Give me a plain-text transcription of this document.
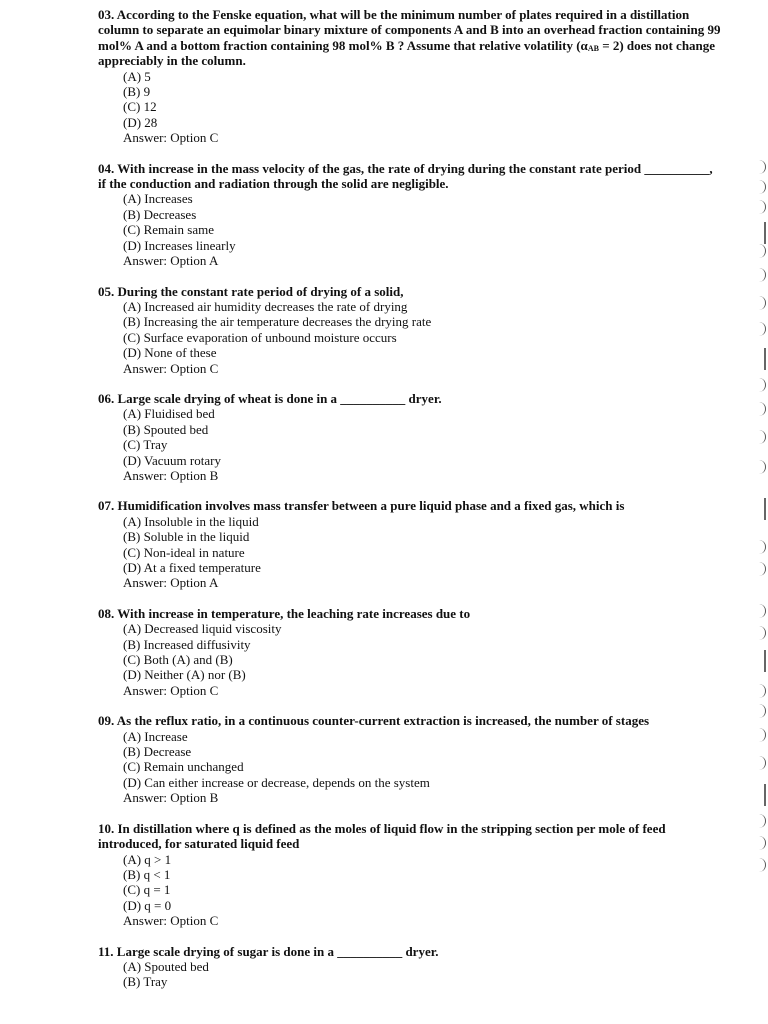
03. According to the Fenske equation, what will be the minimum number of plates required in a distillation column to separate an equimolar binary mixture of components A and B into an overhead fraction containing 99 mol% A and a bottom fraction containing 98 mol% B ? Assume that relative volatility $(\alpha_{AB} = 2)$ does not change appreciably in the column.

(A) 5

(B) 9

(C) 12

(D) 28

Answer: Option C

04. With increase in the mass velocity of the gas, the rate of drying during the constant rate period __________, if the conduction and radiation through the solid are negligible.

(A) Increases

(B) Decreases

(C) Remain same

(D) Increases linearly

Answer: Option A

05. During the constant rate period of drying of a solid,

(A) Increased air humidity decreases the rate of drying

(B) Increasing the air temperature decreases the drying rate

(C) Surface evaporation of unbound moisture occurs

(D) None of these

Answer: Option C

06. Large scale drying of wheat is done in a __________ dryer.

(A) Fluidised bed

(B) Spouted bed

(C) Tray

(D) Vacuum rotary

Answer: Option B

07. Humidification involves mass transfer between a pure liquid phase and a fixed gas, which is

(A) Insoluble in the liquid

(B) Soluble in the liquid

(C) Non-ideal in nature

(D) At a fixed temperature

Answer: Option A

08. With increase in temperature, the leaching rate increases due to

(A) Decreased liquid viscosity

(B) Increased diffusivity

(C) Both (A) and (B)

(D) Neither (A) nor (B)

Answer: Option C

09. As the reflux ratio, in a continuous counter-current extraction is increased, the number of stages

(A) Increase

(B) Decrease

(C) Remain unchanged

(D) Can either increase or decrease, depends on the system

Answer: Option B

10. In distillation where q is defined as the moles of liquid flow in the stripping section per mole of feed introduced, for saturated liquid feed

(A) q > 1

(B) q < 1

(C) q = 1

(D) q = 0

Answer: Option C

11. Large scale drying of sugar is done in a __________ dryer.

(A) Spouted bed

(B) Tray
